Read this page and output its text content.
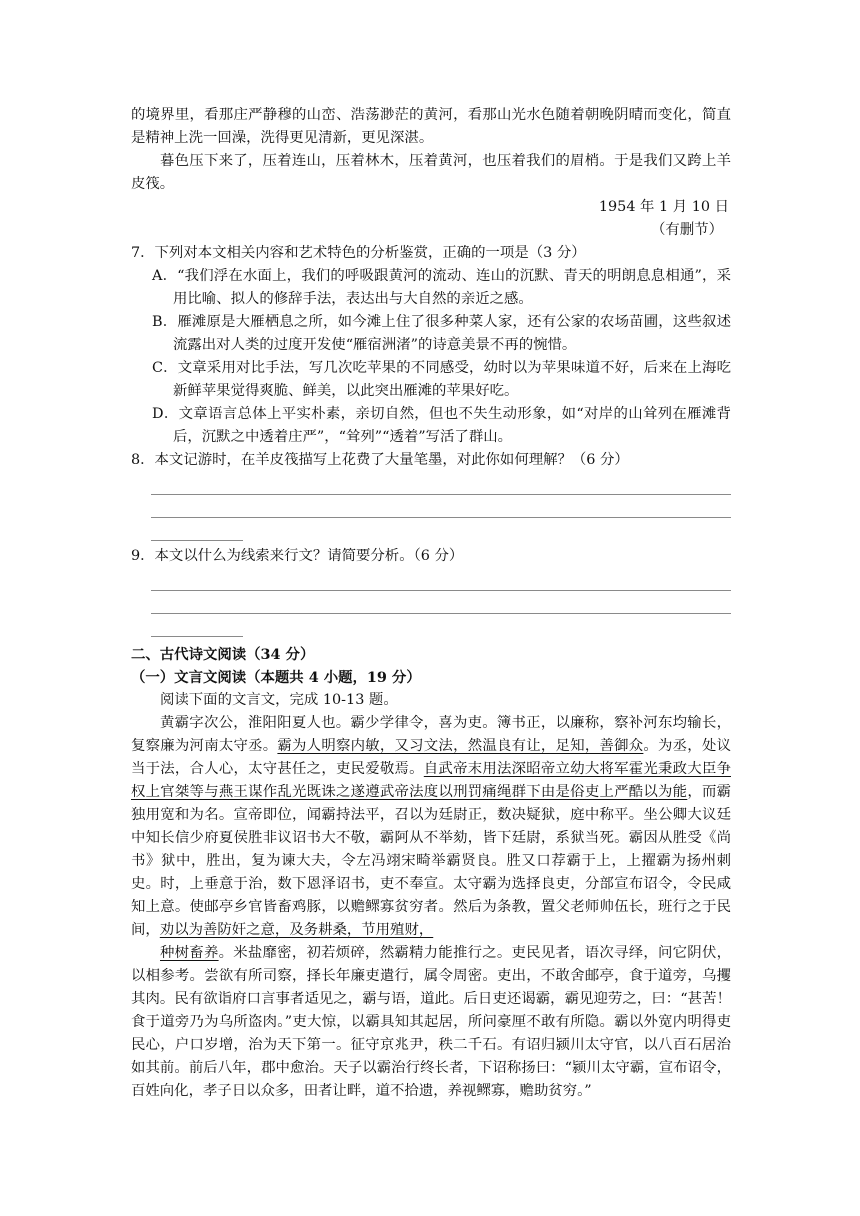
的境界里，看那庄严静穆的山峦、浩荡渺茫的黄河，看那山光水色随着朝晚阴晴而变化，简直是精神上洗一回澡，洗得更见清新，更见深湛。

暮色压下来了，压着连山，压着林木，压着黄河，也压着我们的眉梢。于是我们又跨上羊皮筏。

1954 年 1 月 10 日

（有删节）

7．下列对本文相关内容和艺术特色的分析鉴赏，正确的一项是（3 分）

A．“我们浮在水面上，我们的呼吸跟黄河的流动、连山的沉默、青天的明朗息息相通”，采用比喻、拟人的修辞手法，表达出与大自然的亲近之感。

B．雁滩原是大雁栖息之所，如今滩上住了很多种菜人家，还有公家的农场苗圃，这些叙述流露出对人类的过度开发使“雁宿洲渚”的诗意美景不再的惋惜。

C．文章采用对比手法，写几次吃苹果的不同感受，幼时以为苹果味道不好，后来在上海吃新鲜苹果觉得爽脆、鲜美，以此突出雁滩的苹果好吃。

D．文章语言总体上平实朴素，亲切自然，但也不失生动形象，如“对岸的山耸列在雁滩背后，沉默之中透着庄严”，“耸列”“透着”写活了群山。

8．本文记游时，在羊皮筏描写上花费了大量笔墨，对此你如何理解？（6 分）

9．本文以什么为线索来行文？请简要分析。（6 分）

二、古代诗文阅读（34 分）

（一）文言文阅读（本题共 4 小题，19 分）

阅读下面的文言文，完成 10-13 题。

黄霸字次公，淮阳阳夏人也。霸少学律令，喜为吏。簿书正，以廉称，察补河东均输长，复察廉为河南太守丞。霸为人明察内敏，又习文法，然温良有让，足知，善御众。为丞，处议当于法，合人心，太守甚任之，吏民爱敬焉。自武帝末用法深昭帝立幼大将军霍光秉政大臣争权上官桀等与燕王谋作乱光既诛之遂遵武帝法度以刑罚痛绳群下由是俗吏上严酷以为能，而霸独用宽和为名。宣帝即位，闻霸持法平，召以为廷尉正，数决疑狱，庭中称平。坐公卿大议廷中知长信少府夏侯胜非议诏书大不敬，霸阿从不举劾，皆下廷尉，系狱当死。霸因从胜受《尚书》狱中，胜出，复为谏大夫，令左冯翊宋畸举霸贤良。胜又口荐霸于上，上擢霸为扬州刺史。时，上垂意于治，数下恩泽诏书，吏不奉宣。太守霸为选择良吏，分部宣布诏令，令民咸知上意。使邮亭乡官皆畜鸡豚，以赡鳏寡贫穷者。然后为条教，置父老师帅伍长，班行之于民间，劝以为善防奸之意，及务耕桑，节用殖财，

种树畜养。米盐靡密，初若烦碎，然霸精力能推行之。吏民见者，语次寻绎，问它阴伏，以相参考。尝欲有所司察，择长年廉吏遣行，属令周密。吏出，不敢舍邮亭，食于道旁，乌攫其肉。民有欲诣府口言事者适见之，霸与语，道此。后日吏还谒霸，霸见迎劳之，曰：“甚苦！食于道旁乃为乌所盗肉。”吏大惊，以霸具知其起居，所问豪厘不敢有所隐。霸以外宽内明得吏民心，户口岁增，治为天下第一。征守京兆尹，秩二千石。有诏归颍川太守官，以八百石居治如其前。前后八年，郡中愈治。天子以霸治行终长者，下诏称扬曰：“颍川太守霸，宣布诏令，百姓向化，孝子日以众多，田者让畔，道不拾遗，养视鳏寡，赡助贫穷。”
